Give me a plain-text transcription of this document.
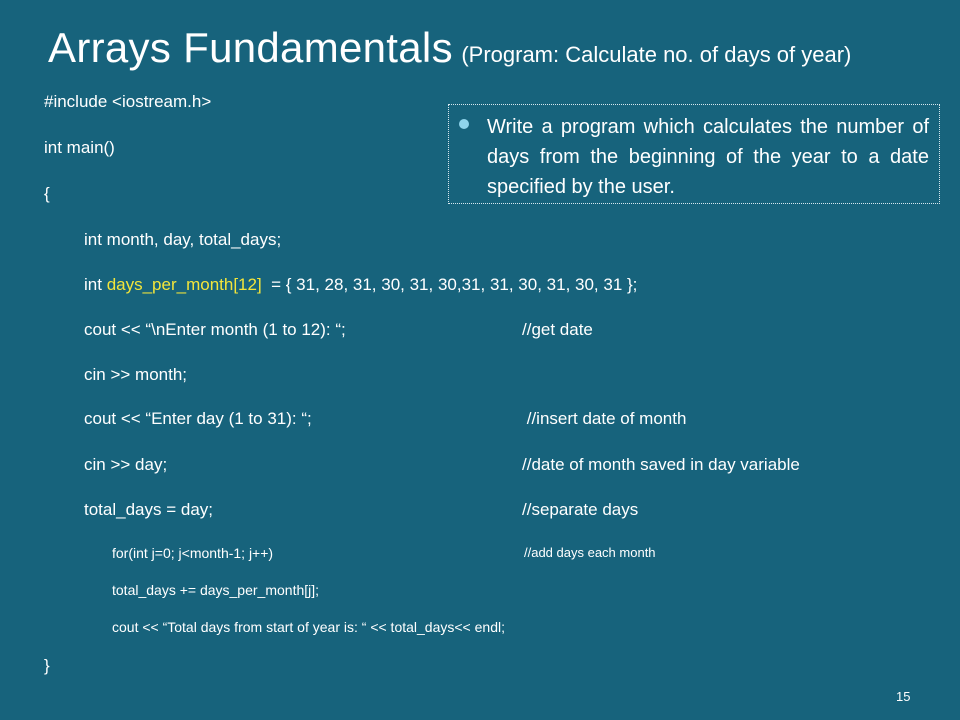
Arrays Fundamentals (Program: Calculate no. of days of year)
#include <iostream.h>
int main()
{
int month, day, total_days;
int days_per_month[12]  = { 31, 28, 31, 30, 31, 30,31, 31, 30, 31, 30, 31 };
cout << “\nEnter month (1 to 12): “;	//get date
cin >> month;
cout << “Enter day (1 to 31): “;	//insert date of month
cin >> day;	//date of month saved in day variable
total_days = day;	//separate days
for(int j=0; j<month-1; j++)	//add days each month
total_days += days_per_month[j];
cout << “Total days from start of year is: “ << total_days<< endl;
}
Write a program which calculates the number of days from the beginning of the year to a date specified by the user.
15
